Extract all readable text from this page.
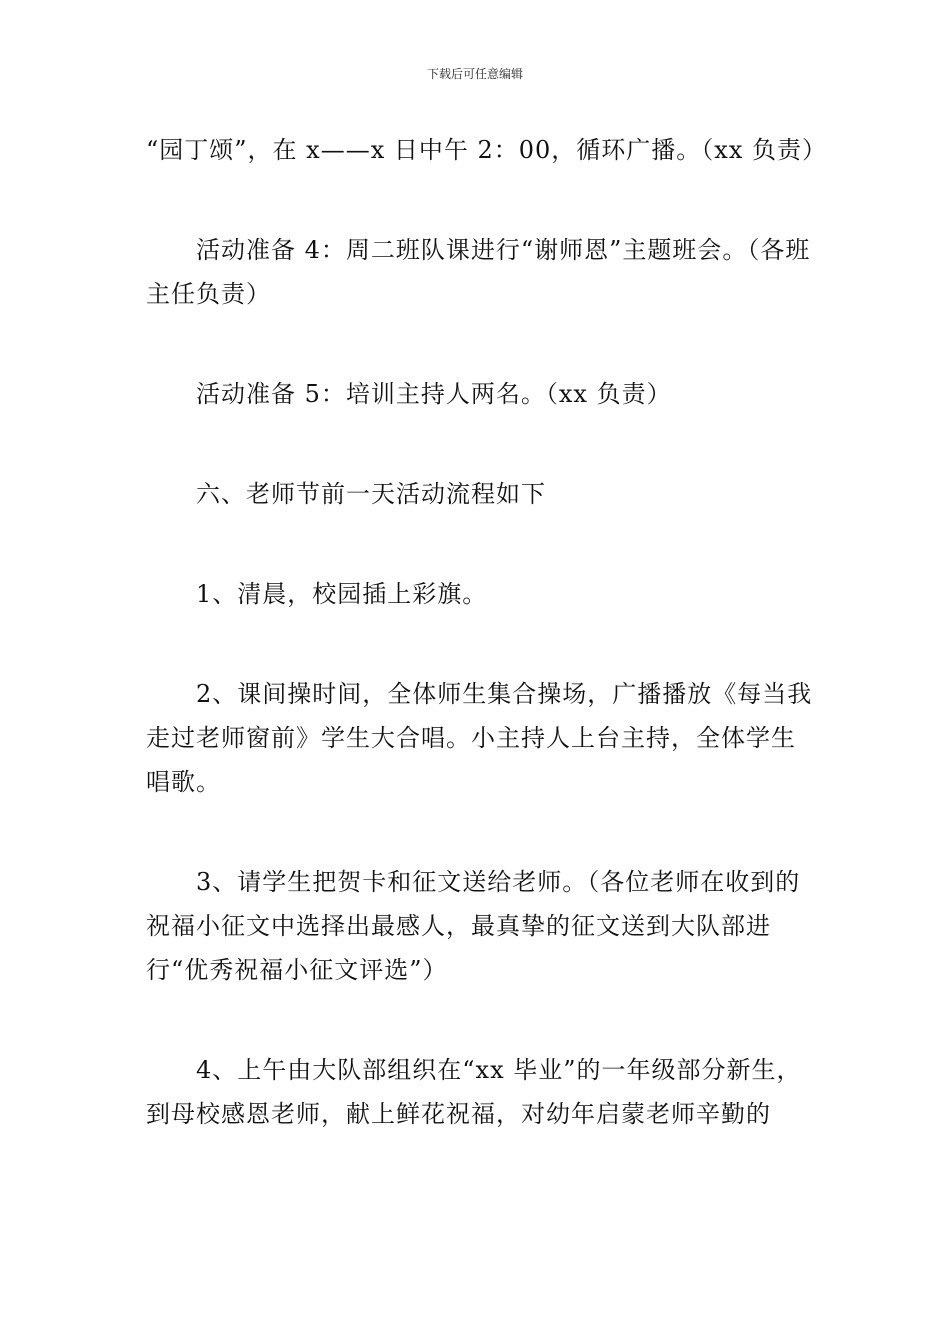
下载后可任意编辑

“园丁颂”，在 x——x 日中午 2：00，循环广播。（xx 负责）

活动准备 4：周二班队课进行“谢师恩”主题班会。（各班主任负责）

活动准备 5：培训主持人两名。（xx 负责）

六、老师节前一天活动流程如下

1、清晨，校园插上彩旗。

2、课间操时间，全体师生集合操场，广播播放《每当我走过老师窗前》学生大合唱。小主持人上台主持，全体学生唱歌。

3、请学生把贺卡和征文送给老师。（各位老师在收到的祝福小征文中选择出最感人，最真挚的征文送到大队部进行“优秀祝福小征文评选”）

4、上午由大队部组织在“xx 毕业”的一年级部分新生，到母校感恩老师，献上鲜花祝福，对幼年启蒙老师辛勤的
